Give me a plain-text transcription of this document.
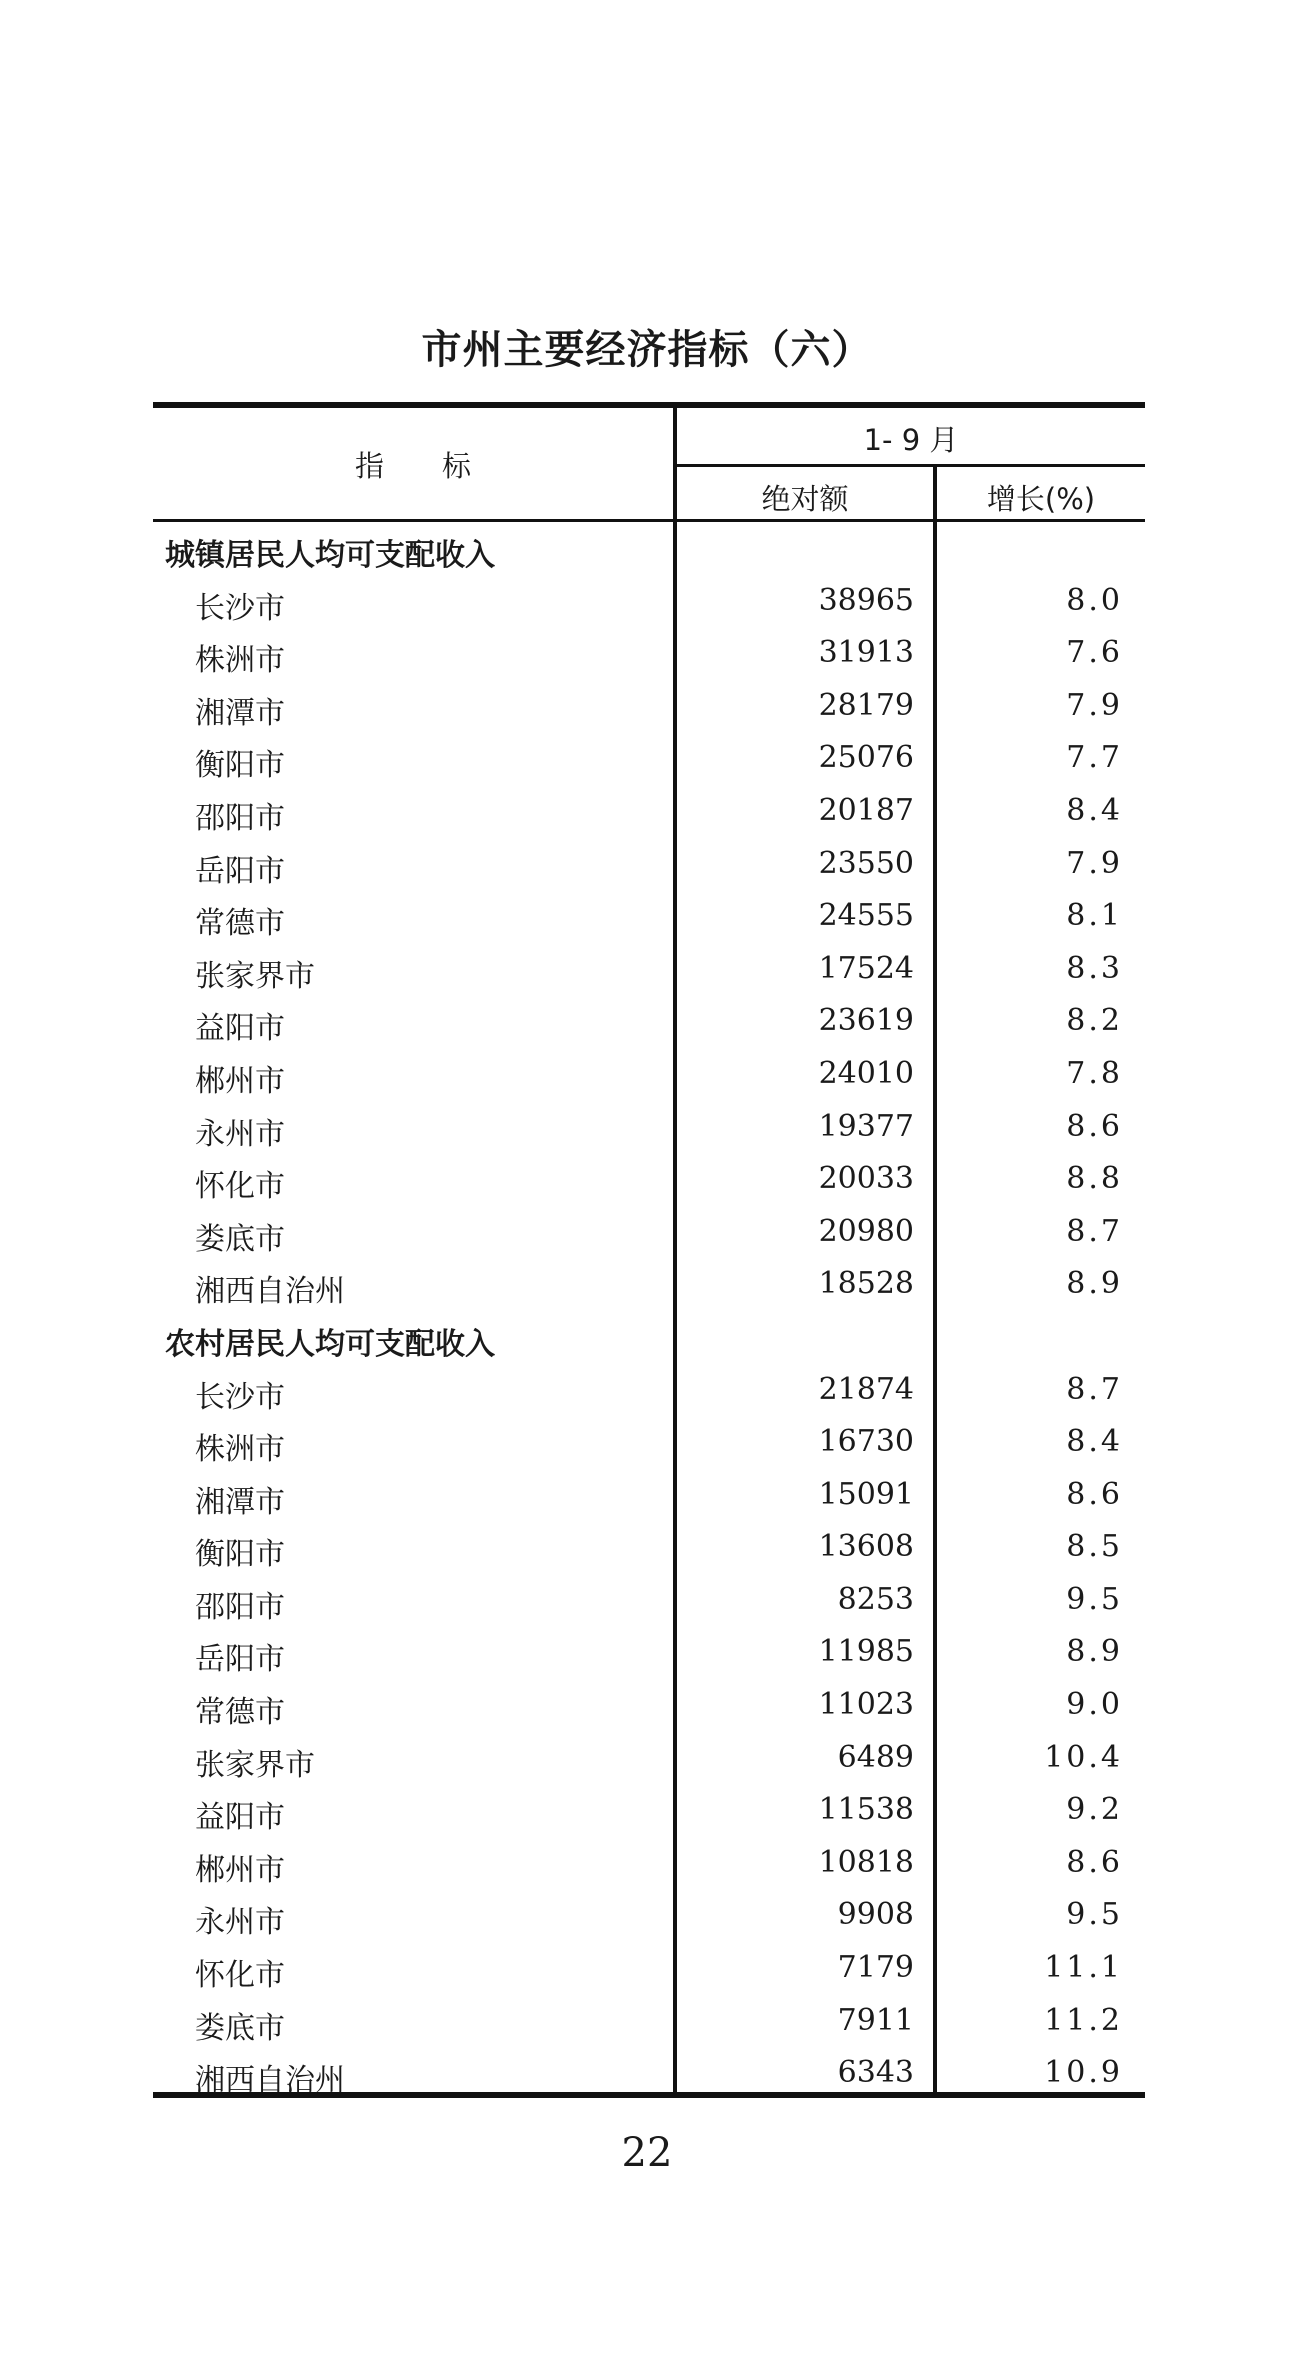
市州主要经济指标（六）
指　　标
1- 9 月
绝对额	增长(%)
城镇居民人均可支配收入
长沙市	38965	8.0
株洲市	31913	7.6
湘潭市	28179	7.9
衡阳市	25076	7.7
邵阳市	20187	8.4
岳阳市	23550	7.9
常德市	24555	8.1
张家界市	17524	8.3
益阳市	23619	8.2
郴州市	24010	7.8
永州市	19377	8.6
怀化市	20033	8.8
娄底市	20980	8.7
湘西自治州	18528	8.9
农村居民人均可支配收入
长沙市	21874	8.7
株洲市	16730	8.4
湘潭市	15091	8.6
衡阳市	13608	8.5
邵阳市	8253	9.5
岳阳市	11985	8.9
常德市	11023	9.0
张家界市	6489	10.4
益阳市	11538	9.2
郴州市	10818	8.6
永州市	9908	9.5
怀化市	7179	11.1
娄底市	7911	11.2
湘西自治州	6343	10.9
22
